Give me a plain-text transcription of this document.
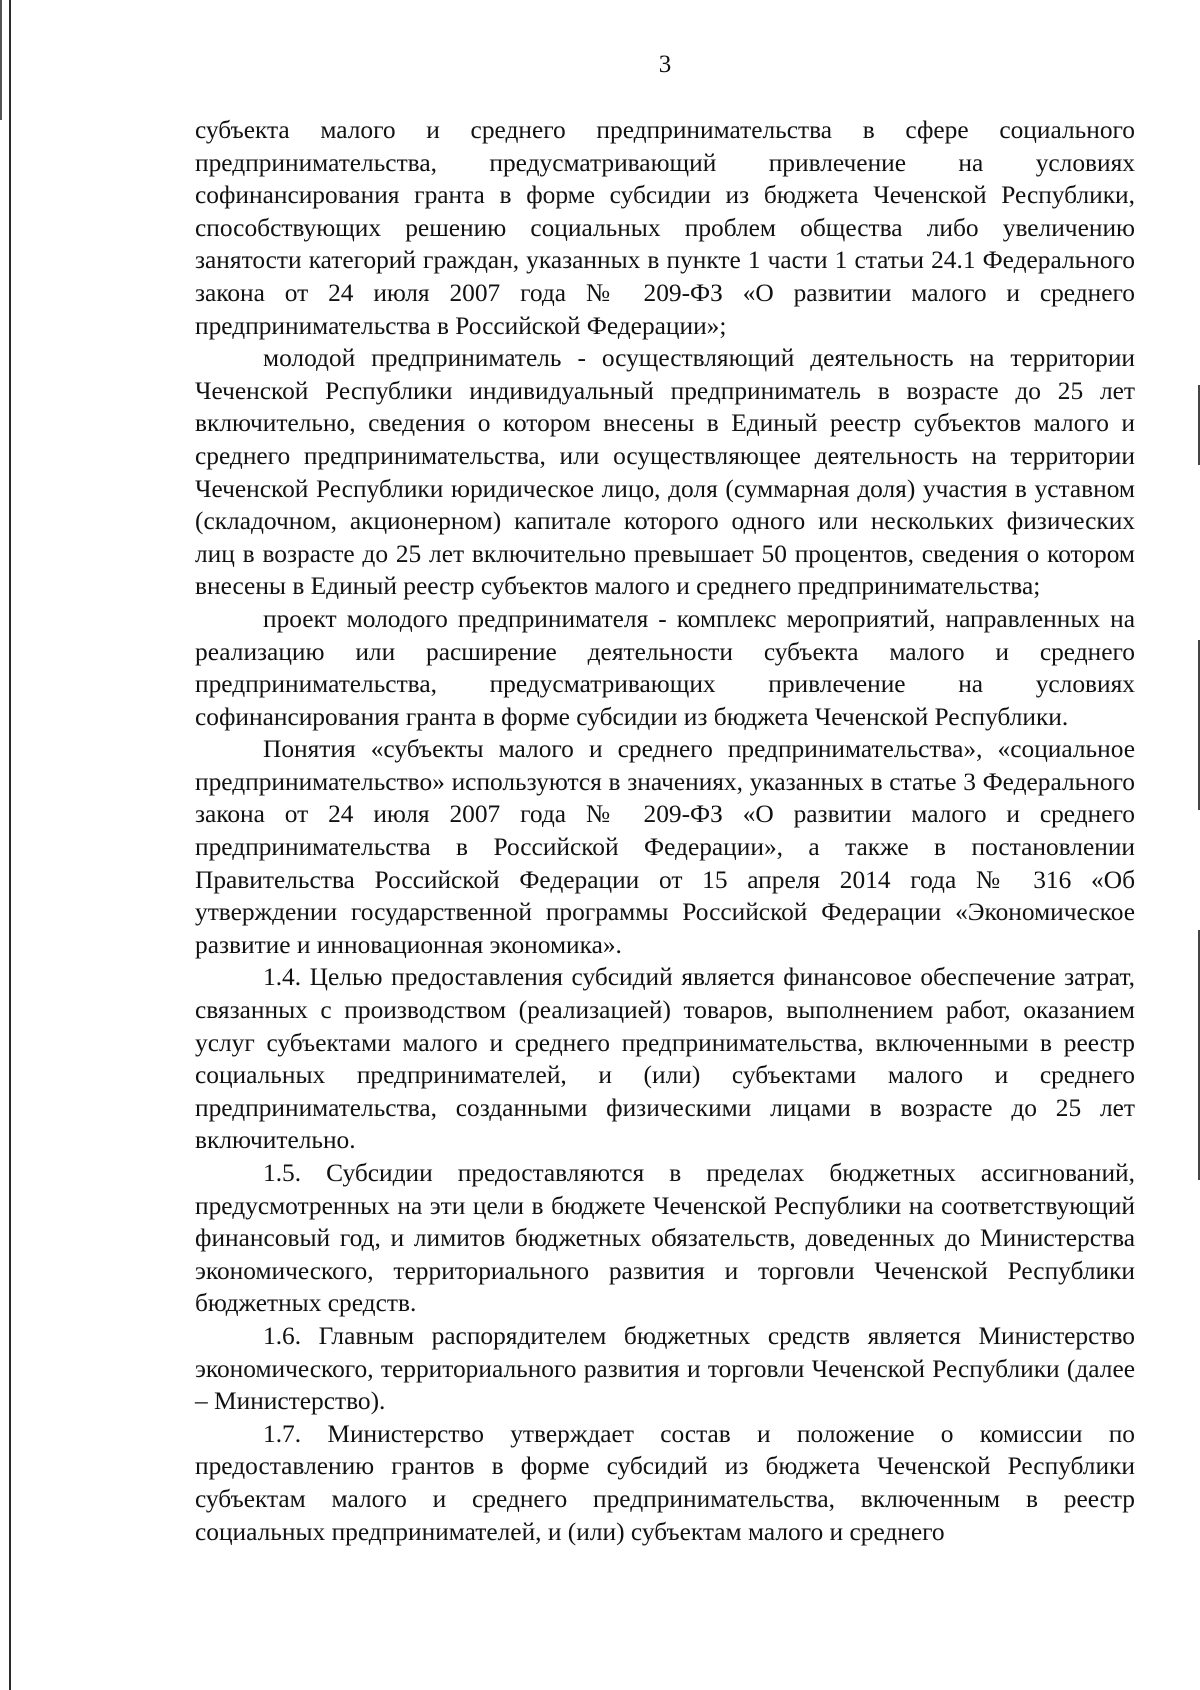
3

субъекта малого и среднего предпринимательства в сфере социального предпринимательства, предусматривающий привлечение на условиях софинансирования гранта в форме субсидии из бюджета Чеченской Республики, способствующих решению социальных проблем общества либо увеличению занятости категорий граждан, указанных в пункте 1 части 1 статьи 24.1 Федерального закона от 24 июля 2007 года № 209-ФЗ «О развитии малого и среднего предпринимательства в Российской Федерации»;

молодой предприниматель - осуществляющий деятельность на территории Чеченской Республики индивидуальный предприниматель в возрасте до 25 лет включительно, сведения о котором внесены в Единый реестр субъектов малого и среднего предпринимательства, или осуществляющее деятельность на территории Чеченской Республики юридическое лицо, доля (суммарная доля) участия в уставном (складочном, акционерном) капитале которого одного или нескольких физических лиц в возрасте до 25 лет включительно превышает 50 процентов, сведения о котором внесены в Единый реестр субъектов малого и среднего предпринимательства;

проект молодого предпринимателя - комплекс мероприятий, направленных на реализацию или расширение деятельности субъекта малого и среднего предпринимательства, предусматривающих привлечение на условиях софинансирования гранта в форме субсидии из бюджета Чеченской Республики.

Понятия «субъекты малого и среднего предпринимательства», «социальное предпринимательство» используются в значениях, указанных в статье 3 Федерального закона от 24 июля 2007 года № 209-ФЗ «О развитии малого и среднего предпринимательства в Российской Федерации», а также в постановлении Правительства Российской Федерации от 15 апреля 2014 года № 316 «Об утверждении государственной программы Российской Федерации «Экономическое развитие и инновационная экономика».

1.4. Целью предоставления субсидий является финансовое обеспечение затрат, связанных с производством (реализацией) товаров, выполнением работ, оказанием услуг субъектами малого и среднего предпринимательства, включенными в реестр социальных предпринимателей, и (или) субъектами малого и среднего предпринимательства, созданными физическими лицами в возрасте до 25 лет включительно.

1.5. Субсидии предоставляются в пределах бюджетных ассигнований, предусмотренных на эти цели в бюджете Чеченской Республики на соответствующий финансовый год, и лимитов бюджетных обязательств, доведенных до Министерства экономического, территориального развития и торговли Чеченской Республики бюджетных средств.

1.6. Главным распорядителем бюджетных средств является Министерство экономического, территориального развития и торговли Чеченской Республики (далее – Министерство).

1.7. Министерство утверждает состав и положение о комиссии по предоставлению грантов в форме субсидий из бюджета Чеченской Республики субъектам малого и среднего предпринимательства, включенным в реестр социальных предпринимателей, и (или) субъектам малого и среднего
